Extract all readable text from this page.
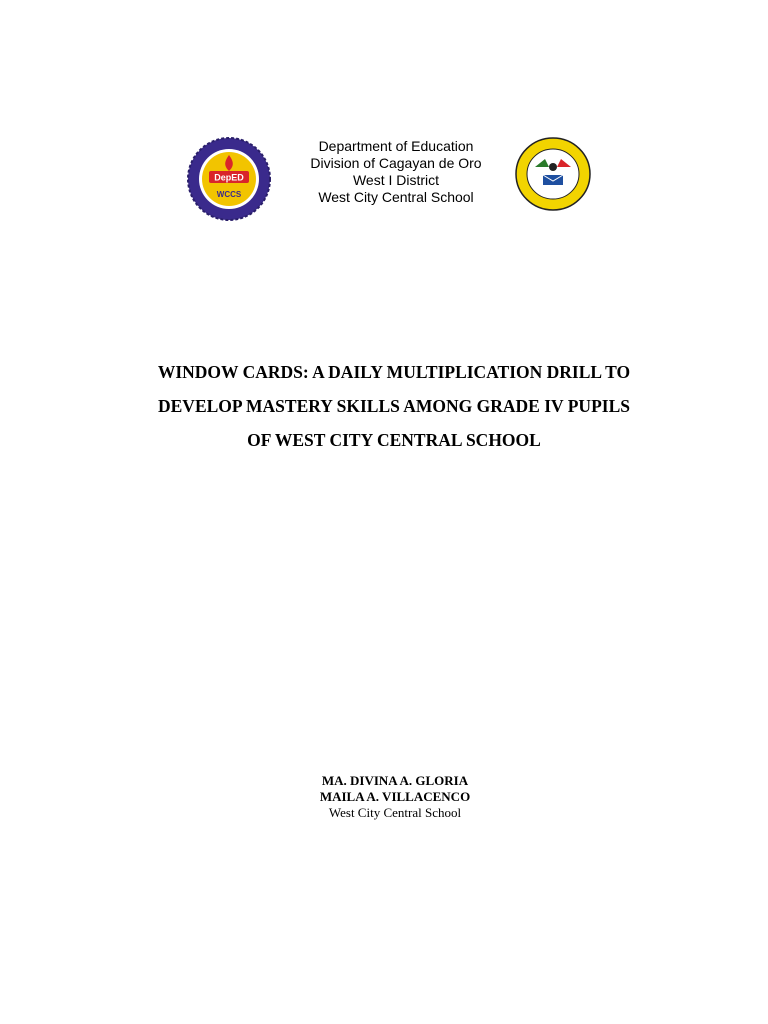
DepED
WCCS
Department of Education
Division of Cagayan de Oro
West I District
West City Central School
WINDOW CARDS: A DAILY MULTIPLICATION DRILL TO
DEVELOP MASTERY SKILLS AMONG GRADE IV PUPILS
OF WEST CITY CENTRAL SCHOOL
MA. DIVINA A. GLORIA
MAILA A. VILLACENCO
West City Central School
